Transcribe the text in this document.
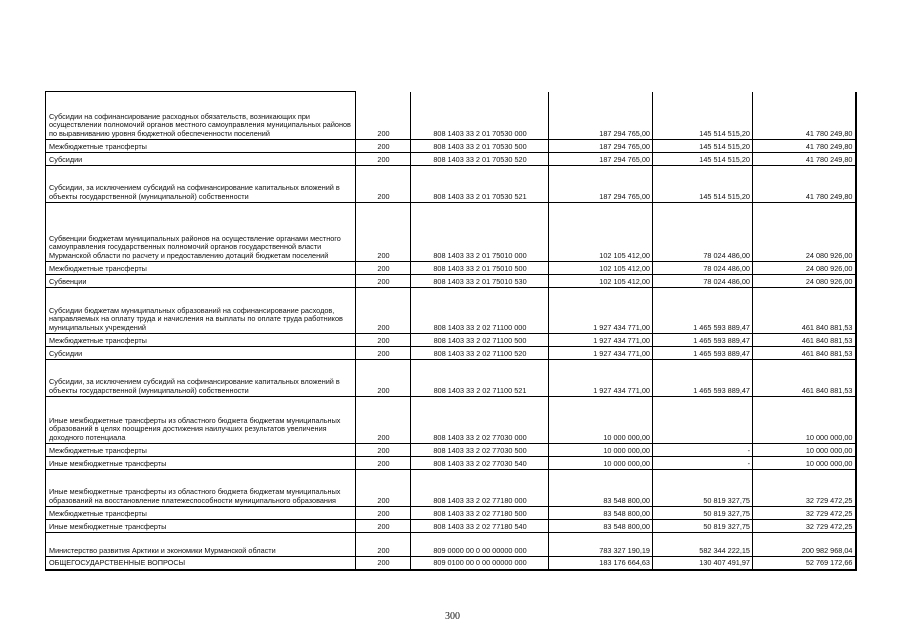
Субсидии на софинансирование расходных обязательств, возникающих при осуществлении полномочий органов местного самоуправления муниципальных районов по выравниванию уровня бюджетной обеспеченности поселений	200	808 1403 33 2 01 70530 000	187 294 765,00	145 514 515,20	41 780 249,80
Межбюджетные трансферты	200	808 1403 33 2 01 70530 500	187 294 765,00	145 514 515,20	41 780 249,80
Субсидии	200	808 1403 33 2 01 70530 520	187 294 765,00	145 514 515,20	41 780 249,80
Субсидии, за исключением субсидий на софинансирование капитальных вложений в объекты государственной (муниципальной) собственности	200	808 1403 33 2 01 70530 521	187 294 765,00	145 514 515,20	41 780 249,80
Субвенции бюджетам муниципальных районов на осуществление органами местного самоуправления государственных полномочий органов государственной власти Мурманской области по расчету и предоставлению дотаций бюджетам поселений	200	808 1403 33 2 01 75010 000	102 105 412,00	78 024 486,00	24 080 926,00
Межбюджетные трансферты	200	808 1403 33 2 01 75010 500	102 105 412,00	78 024 486,00	24 080 926,00
Субвенции	200	808 1403 33 2 01 75010 530	102 105 412,00	78 024 486,00	24 080 926,00
Субсидии бюджетам муниципальных образований на софинансирование расходов, направляемых на оплату труда и начисления на выплаты по оплате труда работников муниципальных учреждений	200	808 1403 33 2 02 71100 000	1 927 434 771,00	1 465 593 889,47	461 840 881,53
Межбюджетные трансферты	200	808 1403 33 2 02 71100 500	1 927 434 771,00	1 465 593 889,47	461 840 881,53
Субсидии	200	808 1403 33 2 02 71100 520	1 927 434 771,00	1 465 593 889,47	461 840 881,53
Субсидии, за исключением субсидий на софинансирование капитальных вложений в объекты государственной (муниципальной) собственности	200	808 1403 33 2 02 71100 521	1 927 434 771,00	1 465 593 889,47	461 840 881,53
Иные межбюджетные трансферты из областного бюджета бюджетам муниципальных образований в целях поощрения достижения наилучших результатов увеличения доходного потенциала	200	808 1403 33 2 02 77030 000	10 000 000,00		10 000 000,00
Межбюджетные трансферты	200	808 1403 33 2 02 77030 500	10 000 000,00	-	10 000 000,00
Иные межбюджетные трансферты	200	808 1403 33 2 02 77030 540	10 000 000,00	-	10 000 000,00
Иные межбюджетные трансферты из областного бюджета бюджетам муниципальных образований на восстановление платежеспособности муниципального образования	200	808 1403 33 2 02 77180 000	83 548 800,00	50 819 327,75	32 729 472,25
Межбюджетные трансферты	200	808 1403 33 2 02 77180 500	83 548 800,00	50 819 327,75	32 729 472,25
Иные межбюджетные трансферты	200	808 1403 33 2 02 77180 540	83 548 800,00	50 819 327,75	32 729 472,25
Министерство развития Арктики и экономики Мурманской области	200	809 0000 00 0 00 00000 000	783 327 190,19	582 344 222,15	200 982 968,04
ОБЩЕГОСУДАРСТВЕННЫЕ ВОПРОСЫ	200	809 0100 00 0 00 00000 000	183 176 664,63	130 407 491,97	52 769 172,66
300
